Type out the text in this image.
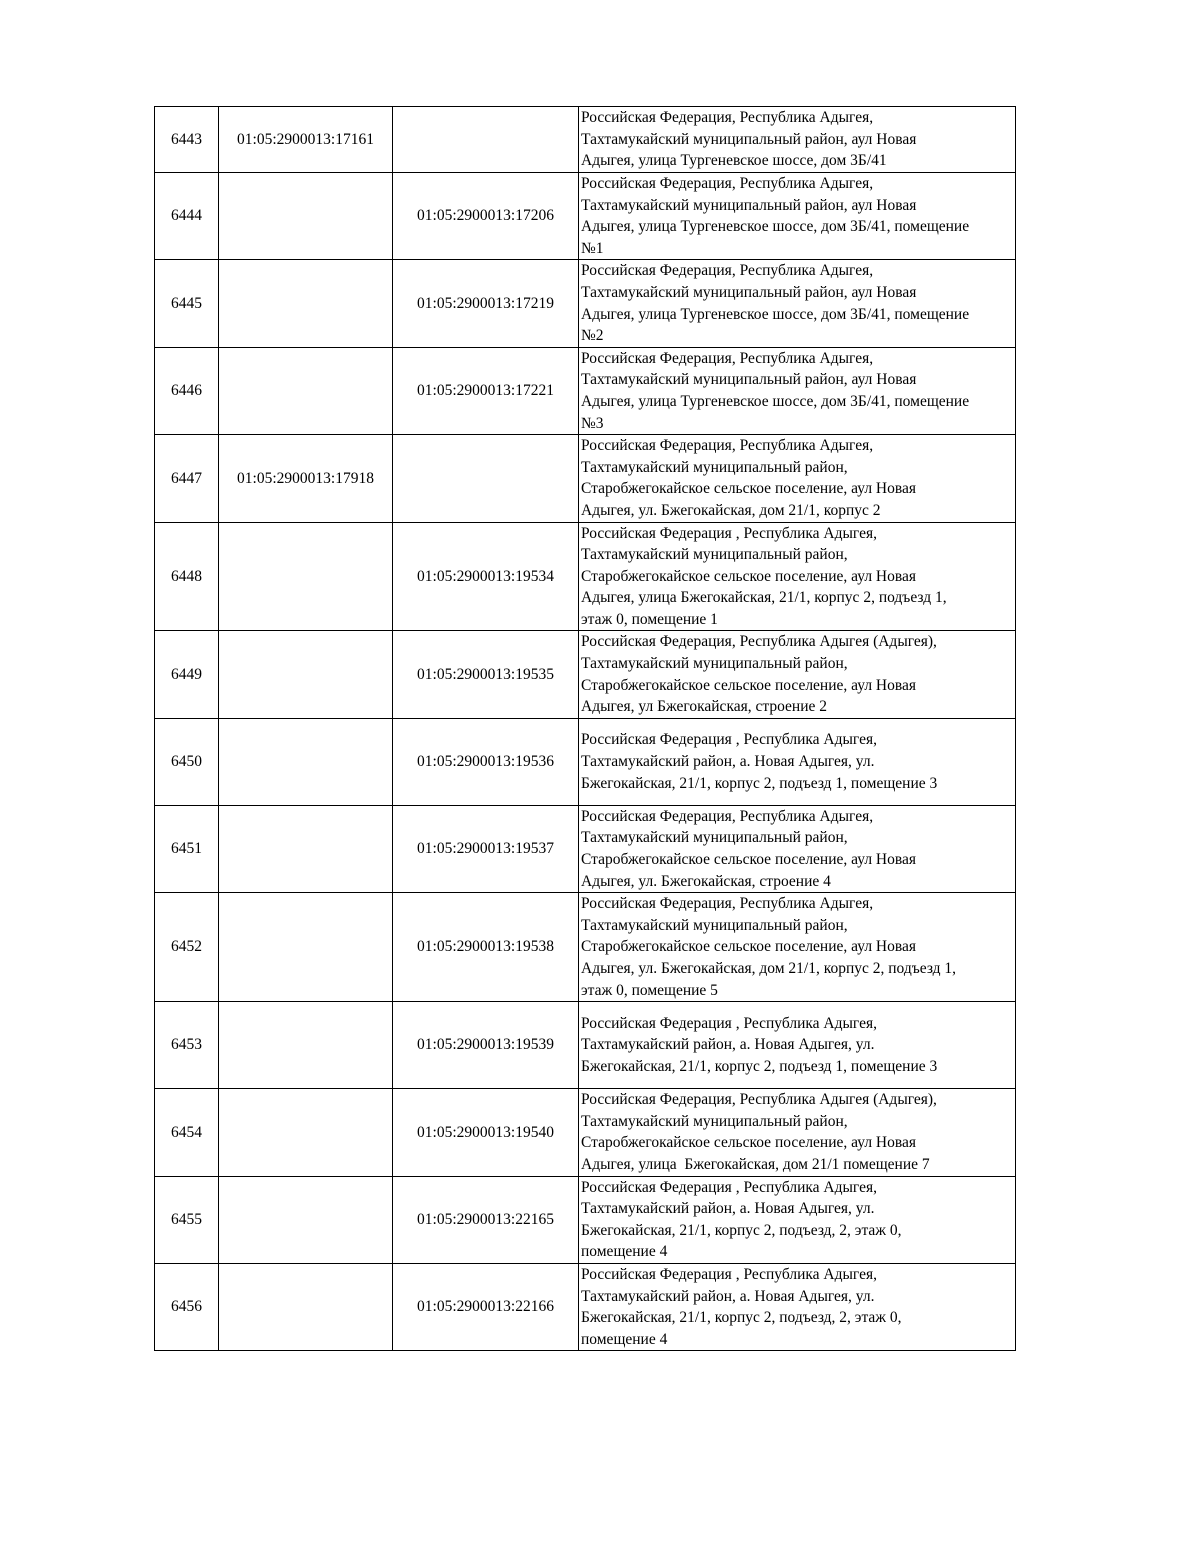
6443	01:05:2900013:17161		Российская Федерация, Республика Адыгея,
Тахтамукайский муниципальный район, аул Новая
Адыгея, улица Тургеневское шоссе, дом 3Б/41
6444		01:05:2900013:17206	Российская Федерация, Республика Адыгея,
Тахтамукайский муниципальный район, аул Новая
Адыгея, улица Тургеневское шоссе, дом 3Б/41, помещение
№1
6445		01:05:2900013:17219	Российская Федерация, Республика Адыгея,
Тахтамукайский муниципальный район, аул Новая
Адыгея, улица Тургеневское шоссе, дом 3Б/41, помещение
№2
6446		01:05:2900013:17221	Российская Федерация, Республика Адыгея,
Тахтамукайский муниципальный район, аул Новая
Адыгея, улица Тургеневское шоссе, дом 3Б/41, помещение
№3
6447	01:05:2900013:17918		Российская Федерация, Республика Адыгея,
Тахтамукайский муниципальный район,
Старобжегокайское сельское поселение, аул Новая
Адыгея, ул. Бжегокайская, дом 21/1, корпус 2
6448		01:05:2900013:19534	Российская Федерация , Республика Адыгея,
Тахтамукайский муниципальный район,
Старобжегокайское сельское поселение, аул Новая
Адыгея, улица Бжегокайская, 21/1, корпус 2, подъезд 1,
этаж 0, помещение 1
6449		01:05:2900013:19535	Российская Федерация, Республика Адыгея (Адыгея),
Тахтамукайский муниципальный район,
Старобжегокайское сельское поселение, аул Новая
Адыгея, ул Бжегокайская, строение 2
6450		01:05:2900013:19536	Российская Федерация , Республика Адыгея,
Тахтамукайский район, а. Новая Адыгея, ул.
Бжегокайская, 21/1, корпус 2, подъезд 1, помещение 3
6451		01:05:2900013:19537	Российская Федерация, Республика Адыгея,
Тахтамукайский муниципальный район,
Старобжегокайское сельское поселение, аул Новая
Адыгея, ул. Бжегокайская, строение 4
6452		01:05:2900013:19538	Российская Федерация, Республика Адыгея,
Тахтамукайский муниципальный район,
Старобжегокайское сельское поселение, аул Новая
Адыгея, ул. Бжегокайская, дом 21/1, корпус 2, подъезд 1,
этаж 0, помещение 5
6453		01:05:2900013:19539	Российская Федерация , Республика Адыгея,
Тахтамукайский район, а. Новая Адыгея, ул.
Бжегокайская, 21/1, корпус 2, подъезд 1, помещение 3
6454		01:05:2900013:19540	Российская Федерация, Республика Адыгея (Адыгея),
Тахтамукайский муниципальный район,
Старобжегокайское сельское поселение, аул Новая
Адыгея, улица  Бжегокайская, дом 21/1 помещение 7
6455		01:05:2900013:22165	Российская Федерация , Республика Адыгея,
Тахтамукайский район, а. Новая Адыгея, ул.
Бжегокайская, 21/1, корпус 2, подъезд, 2, этаж 0,
помещение 4
6456		01:05:2900013:22166	Российская Федерация , Республика Адыгея,
Тахтамукайский район, а. Новая Адыгея, ул.
Бжегокайская, 21/1, корпус 2, подъезд, 2, этаж 0,
помещение 4
